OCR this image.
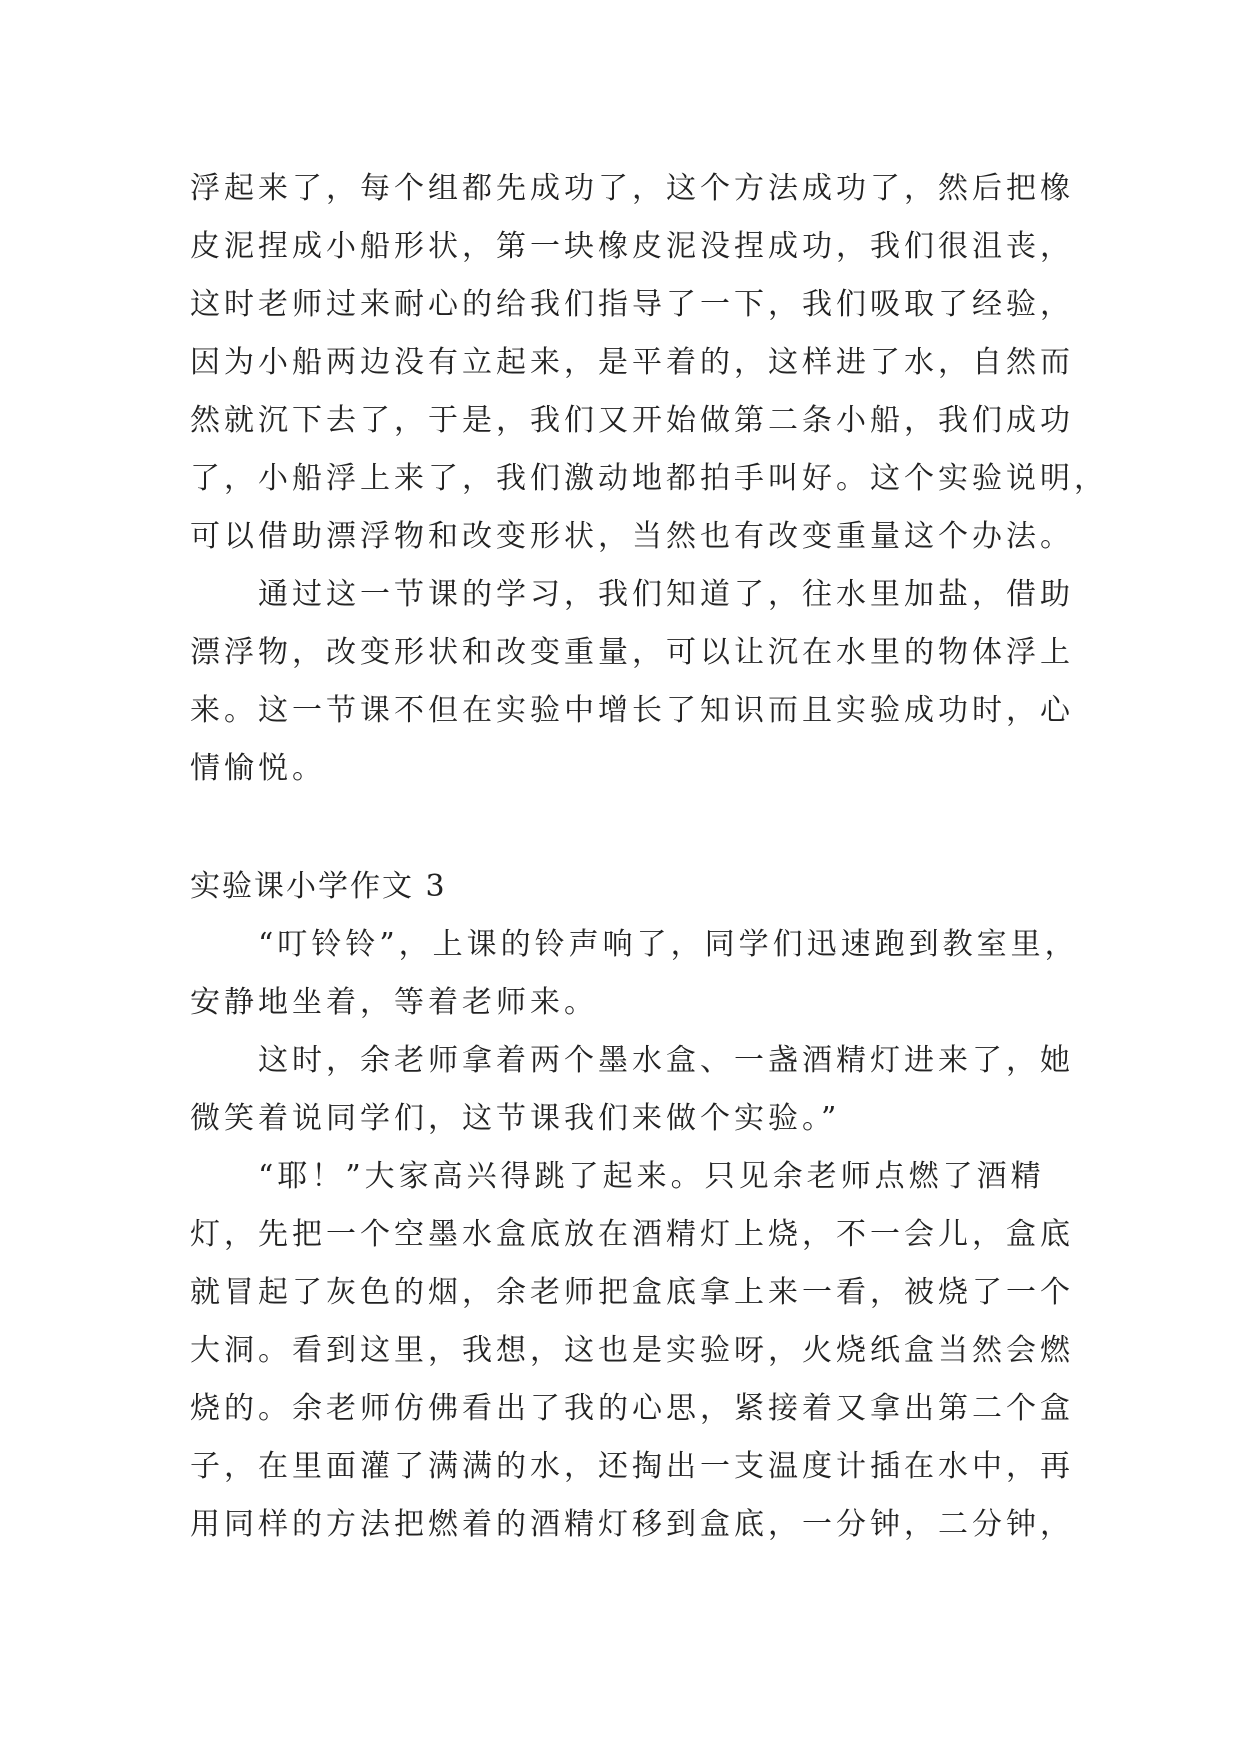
浮起来了，每个组都先成功了，这个方法成功了，然后把橡
皮泥捏成小船形状，第一块橡皮泥没捏成功，我们很沮丧，
这时老师过来耐心的给我们指导了一下，我们吸取了经验，
因为小船两边没有立起来，是平着的，这样进了水，自然而
然就沉下去了，于是，我们又开始做第二条小船，我们成功
了，小船浮上来了，我们激动地都拍手叫好。这个实验说明，
可以借助漂浮物和改变形状，当然也有改变重量这个办法。
　　通过这一节课的学习，我们知道了，往水里加盐，借助
漂浮物，改变形状和改变重量，可以让沉在水里的物体浮上
来。这一节课不但在实验中增长了知识而且实验成功时，心
情愉悦。
实验课小学作文 3
　　“叮铃铃”，上课的铃声响了，同学们迅速跑到教室里，
安静地坐着，等着老师来。
　　这时，余老师拿着两个墨水盒、一盏酒精灯进来了，她
微笑着说同学们，这节课我们来做个实验。”
　　“耶！”大家高兴得跳了起来。只见余老师点燃了酒精
灯，先把一个空墨水盒底放在酒精灯上烧，不一会儿，盒底
就冒起了灰色的烟，余老师把盒底拿上来一看，被烧了一个
大洞。看到这里，我想，这也是实验呀，火烧纸盒当然会燃
烧的。余老师仿佛看出了我的心思，紧接着又拿出第二个盒
子，在里面灌了满满的水，还掏出一支温度计插在水中，再
用同样的方法把燃着的酒精灯移到盒底，一分钟，二分钟，
